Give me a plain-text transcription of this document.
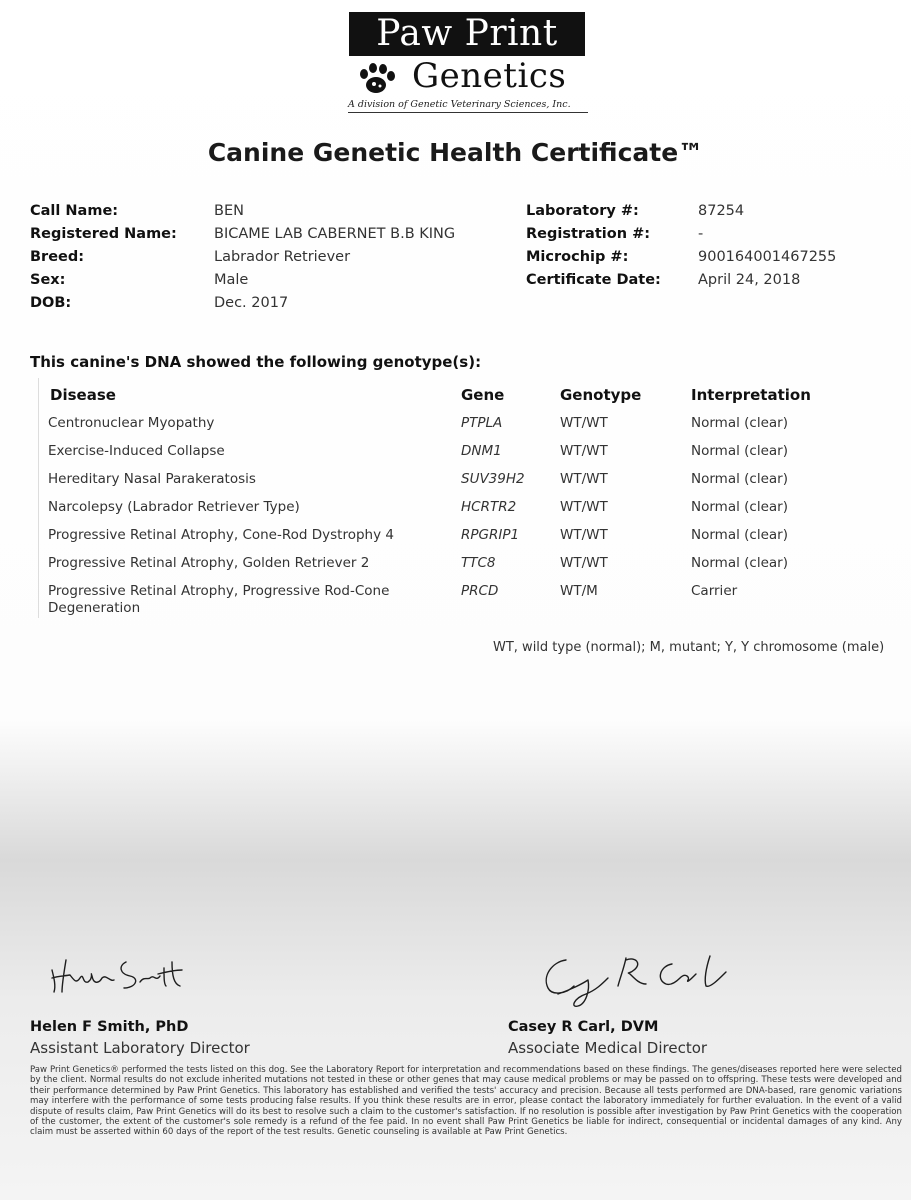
Paw Print
Genetics
A division of Genetic Veterinary Sciences, Inc.
Canine Genetic Health Certificate™
Call Name:	BEN
Registered Name:	BICAME LAB CABERNET B.B KING
Breed:	Labrador Retriever
Sex:	Male
DOB:	Dec. 2017
Laboratory #:	87254
Registration #:	-
Microchip #:	900164001467255
Certificate Date:	April 24, 2018
This canine's DNA showed the following genotype(s):
Disease	Gene	Genotype	Interpretation
Centronuclear Myopathy	PTPLA	WT/WT	Normal (clear)
Exercise-Induced Collapse	DNM1	WT/WT	Normal (clear)
Hereditary Nasal Parakeratosis	SUV39H2	WT/WT	Normal (clear)
Narcolepsy (Labrador Retriever Type)	HCRTR2	WT/WT	Normal (clear)
Progressive Retinal Atrophy, Cone-Rod Dystrophy 4	RPGRIP1	WT/WT	Normal (clear)
Progressive Retinal Atrophy, Golden Retriever 2	TTC8	WT/WT	Normal (clear)
Progressive Retinal Atrophy, Progressive Rod-Cone
Degeneration
PRCD	WT/M	Carrier
WT, wild type (normal); M, mutant; Y, Y chromosome (male)
Helen F Smith, PhD
Assistant Laboratory Director
Casey R Carl, DVM
Associate Medical Director
Paw Print Genetics® performed the tests listed on this dog. See the Laboratory Report for interpretation and recommendations based on these findings. The genes/diseases reported here were selected by the client. Normal results do not exclude inherited mutations not tested in these or other genes that may cause medical problems or may be passed on to offspring. These tests were developed and their performance determined by Paw Print Genetics. This laboratory has established and verified the tests' accuracy and precision. Because all tests performed are DNA-based, rare genomic variations may interfere with the performance of some tests producing false results. If you think these results are in error, please contact the laboratory immediately for further evaluation. In the event of a valid dispute of results claim, Paw Print Genetics will do its best to resolve such a claim to the customer's satisfaction. If no resolution is possible after investigation by Paw Print Genetics with the cooperation of the customer, the extent of the customer's sole remedy is a refund of the fee paid. In no event shall Paw Print Genetics be liable for indirect, consequential or incidental damages of any kind. Any claim must be asserted within 60 days of the report of the test results. Genetic counseling is available at Paw Print Genetics.
